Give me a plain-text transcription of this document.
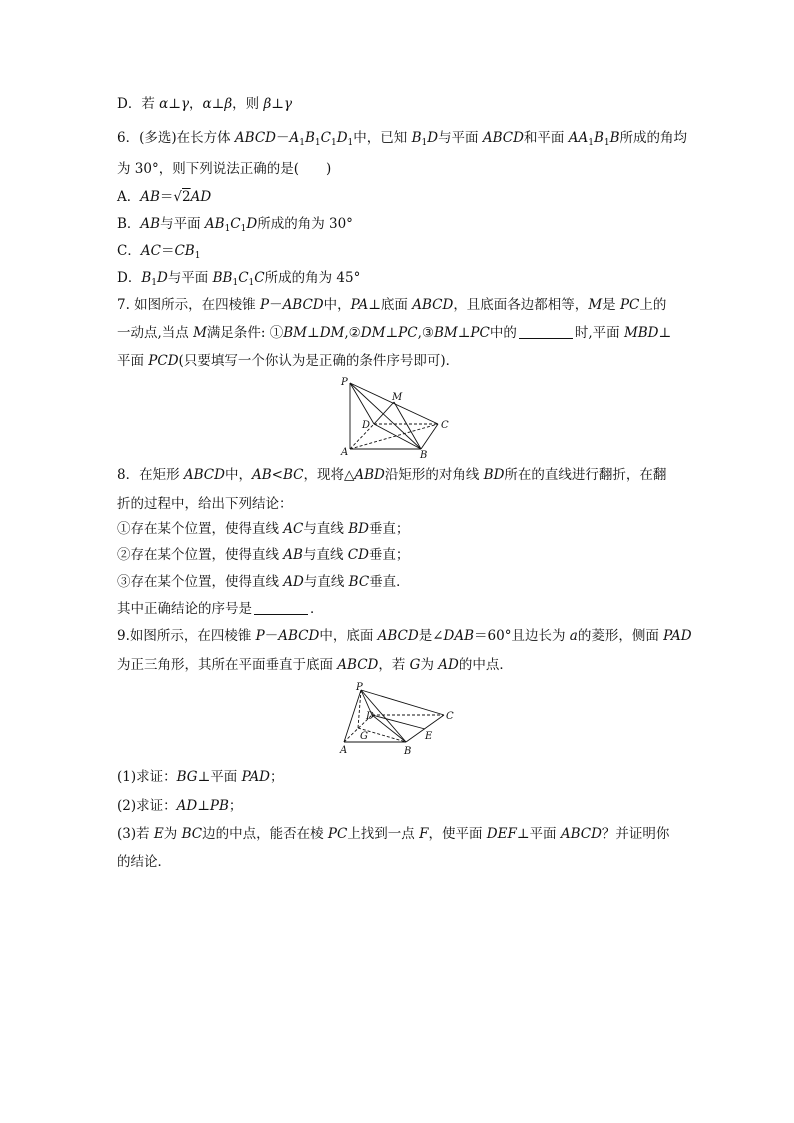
D．若 α⊥γ，α⊥β，则 β⊥γ
6．(多选)在长方体 $ABCD-A_1B_1C_1D_1$中，已知 $B_1D$与平面 ABCD和平面 $AA_1B_1B$所成的角均
为 30°，则下列说法正确的是(　　)
A．AB＝√2AD
B．AB与平面 $AB_1C_1D$所成的角为 30°
C．$AC=CB_1$
D．$B_1D$与平面 $BB_1C_1C$所成的角为 45°
7. 如图所示，在四棱锥 P－ABCD中，PA⊥底面 ABCD，且底面各边都相等，M是 PC上的
一动点,当点 M满足条件: ①BM⊥DM,②DM⊥PC,③BM⊥PC中的	时,平面 MBD⊥
平面 PCD(只要填写一个你认为是正确的条件序号即可)．
P
M
D	C
A	B
8．在矩形 ABCD中，AB<BC，现将△ABD沿矩形的对角线 BD所在的直线进行翻折，在翻
折的过程中，给出下列结论：
①存在某个位置，使得直线 AC与直线 BD垂直；
②存在某个位置，使得直线 AB与直线 CD垂直；
③存在某个位置，使得直线 AD与直线 BC垂直．
其中正确结论的序号是	．
9.如图所示，在四棱锥 P－ABCD中，底面 ABCD是∠DAB＝60°且边长为 a的菱形，侧面 PAD
为正三角形，其所在平面垂直于底面 ABCD，若 G为 AD的中点．
P
D	C
G	E
A	B
(1)求证：BG⊥平面 PAD；
(2)求证：AD⊥PB；
(3)若 E为 BC边的中点，能否在棱 PC上找到一点 F，使平面 DEF⊥平面 ABCD？并证明你
的结论．
